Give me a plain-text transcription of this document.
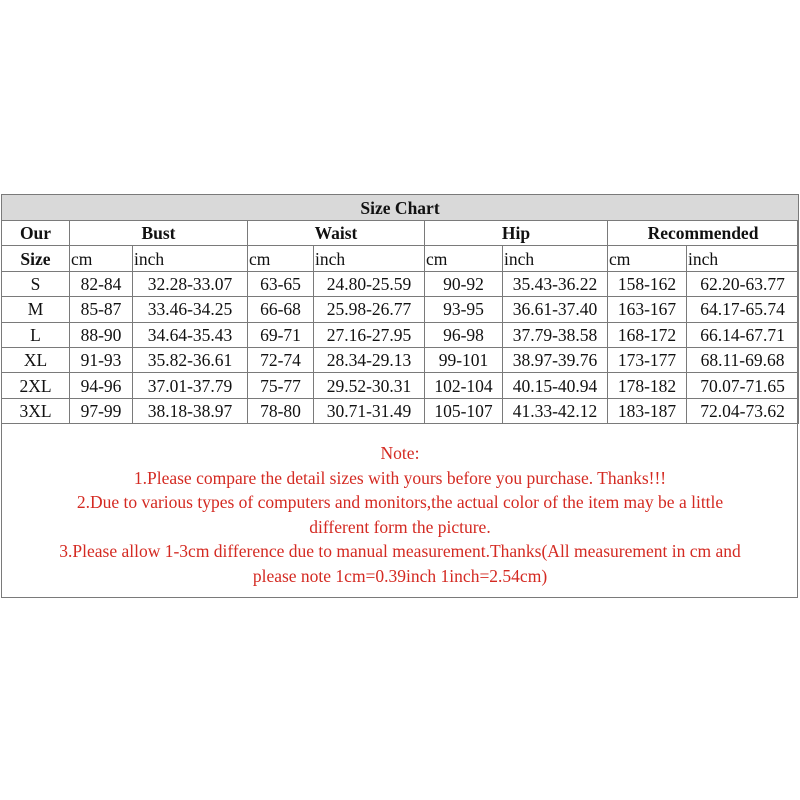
Size Chart								
Our	Bust		Waist		Hip		Recommended	
Size	cm	inch	cm	inch	cm	inch	cm	inch
S	82-84	32.28-33.07	63-65	24.80-25.59	90-92	35.43-36.22	158-162	62.20-63.77
M	85-87	33.46-34.25	66-68	25.98-26.77	93-95	36.61-37.40	163-167	64.17-65.74
L	88-90	34.64-35.43	69-71	27.16-27.95	96-98	37.79-38.58	168-172	66.14-67.71
XL	91-93	35.82-36.61	72-74	28.34-29.13	99-101	38.97-39.76	173-177	68.11-69.68
2XL	94-96	37.01-37.79	75-77	29.52-30.31	102-104	40.15-40.94	178-182	70.07-71.65
3XL	97-99	38.18-38.97	78-80	30.71-31.49	105-107	41.33-42.12	183-187	72.04-73.62
Note:
1.Please compare the detail sizes with yours before you purchase. Thanks!!!
2.Due to various types of computers and monitors,the actual color of the item may be a little
different form the picture.
3.Please allow 1-3cm difference due to manual measurement.Thanks(All measurement in cm and
please note 1cm=0.39inch 1inch=2.54cm)
